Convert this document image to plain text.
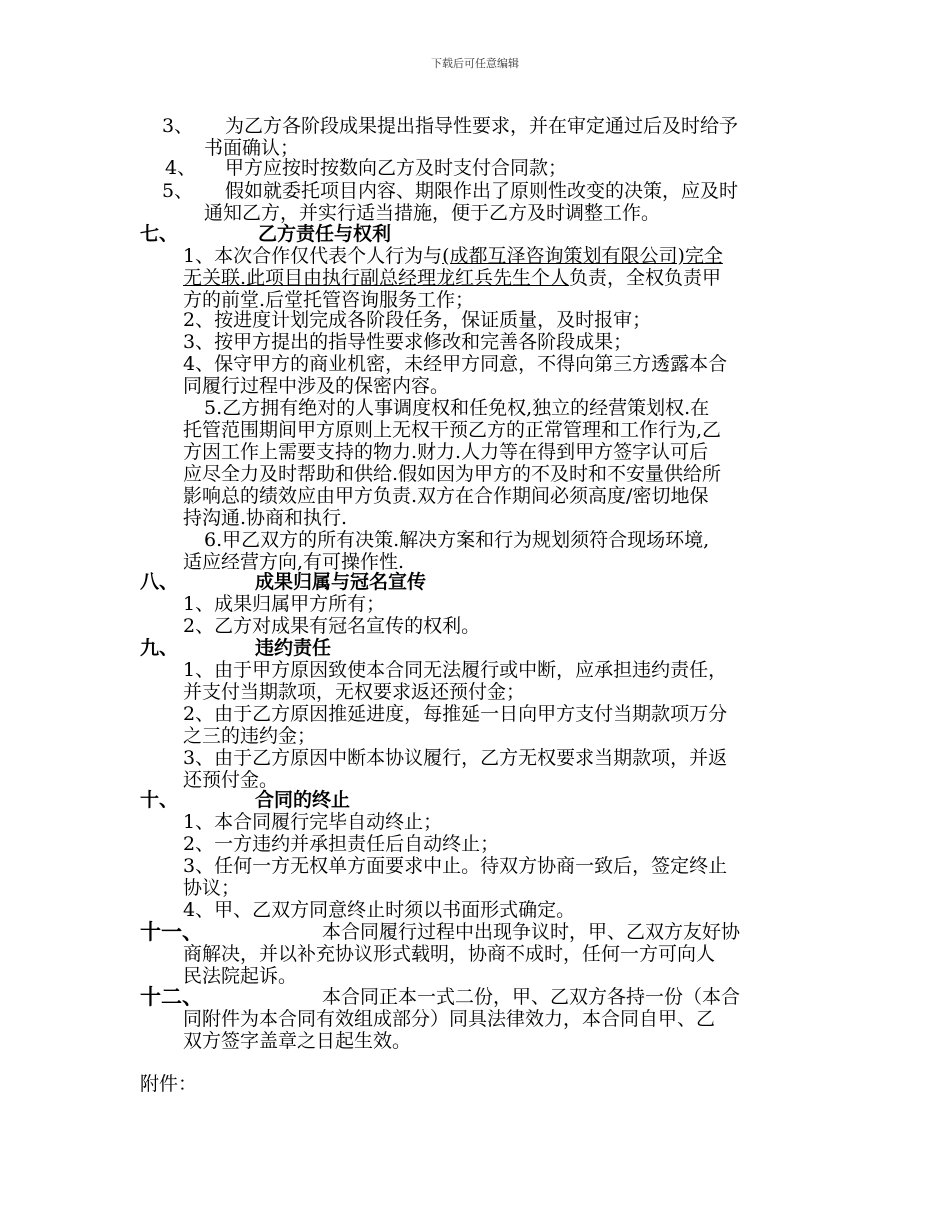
下载后可任意编辑
3、 为乙方各阶段成果提出指导性要求，并在审定通过后及时给予
书面确认；
4、 甲方应按时按数向乙方及时支付合同款；
5、 假如就委托项目内容、期限作出了原则性改变的决策，应及时
通知乙方，并实行适当措施，便于乙方及时调整工作。
七、	乙方责任与权利
1、本次合作仅代表个人行为与(成都互泽咨询策划有限公司)完全
无关联.此项目由执行副总经理龙红兵先生个人负责，全权负责甲
方的前堂.后堂托管咨询服务工作；
2、按进度计划完成各阶段任务，保证质量，及时报审；
3、按甲方提出的指导性要求修改和完善各阶段成果；
4、保守甲方的商业机密，未经甲方同意，不得向第三方透露本合
同履行过程中涉及的保密内容。
5.乙方拥有绝对的人事调度权和任免权,独立的经营策划权.在
托管范围期间甲方原则上无权干预乙方的正常管理和工作行为,乙
方因工作上需要支持的物力.财力.人力等在得到甲方签字认可后
应尽全力及时帮助和供给.假如因为甲方的不及时和不安量供给所
影响总的绩效应由甲方负责.双方在合作期间必须高度/密切地保
持沟通.协商和执行.
6.甲乙双方的所有决策.解决方案和行为规划须符合现场环境,
适应经营方向,有可操作性.
八、	成果归属与冠名宣传
1、成果归属甲方所有；
2、乙方对成果有冠名宣传的权利。
九、	违约责任
1、由于甲方原因致使本合同无法履行或中断，应承担违约责任，
并支付当期款项，无权要求返还预付金；
2、由于乙方原因推延进度，每推延一日向甲方支付当期款项万分
之三的违约金；
3、由于乙方原因中断本协议履行，乙方无权要求当期款项，并返
还预付金。
十、	合同的终止
1、本合同履行完毕自动终止；
2、一方违约并承担责任后自动终止；
3、任何一方无权单方面要求中止。待双方协商一致后，签定终止
协议；
4、甲、乙双方同意终止时须以书面形式确定。
十一、	本合同履行过程中出现争议时，甲、乙双方友好协
商解决，并以补充协议形式载明，协商不成时，任何一方可向人
民法院起诉。
十二、	本合同正本一式二份，甲、乙双方各持一份（本合
同附件为本合同有效组成部分）同具法律效力，本合同自甲、乙
双方签字盖章之日起生效。
附件：
